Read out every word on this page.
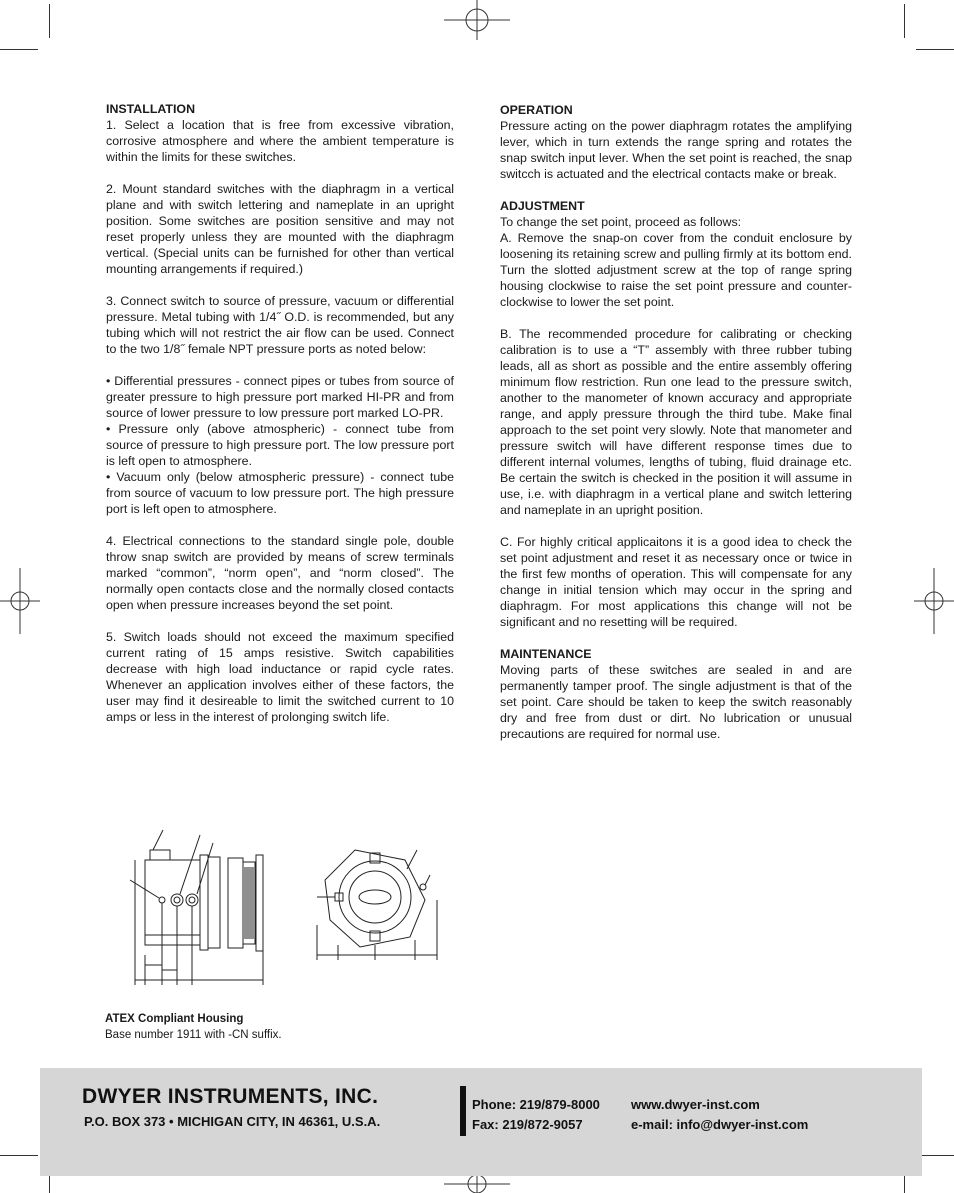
INSTALLATION

1. Select a location that is free from excessive vibration, corrosive atmosphere and where the ambient temperature is within the limits for these switches.

2. Mount standard switches with the diaphragm in a vertical plane and with switch lettering and nameplate in an upright position. Some switches are position sensitive and may not reset properly unless they are mounted with the diaphragm vertical. (Special units can be furnished for other than vertical mounting arrangements if required.)

3. Connect switch to source of pressure, vacuum or differential pressure. Metal tubing with 1/4˝ O.D. is recommended, but any tubing which will not restrict the air flow can be used. Connect to the two 1/8˝ female NPT pressure ports as noted below:

• Differential pressures - connect pipes or tubes from source of greater pressure to high pressure port marked HI-PR and from source of lower pressure to low pressure port marked LO-PR.

• Pressure only (above atmospheric) - connect tube from source of pressure to high pressure port. The low pressure port is left open to atmosphere.

• Vacuum only (below atmospheric pressure) - connect tube from source of vacuum to low pressure port. The high pressure port is left open to atmosphere.

4. Electrical connections to the standard single pole, double throw snap switch are provided by means of screw terminals marked “common”, “norm open”, and “norm closed”. The normally open contacts close and the normally closed contacts open when pressure increases beyond the set point.

5. Switch loads should not exceed the maximum specified current rating of 15 amps resistive. Switch capabilities decrease with high load inductance or rapid cycle rates. Whenever an application involves either of these factors, the user may find it desireable to limit the switched current to 10 amps or less in the interest of prolonging switch life.

OPERATION

Pressure acting on the power diaphragm rotates the amplifying lever, which in turn extends the range spring and rotates the snap switch input lever. When the set point is reached, the snap switcch is actuated and the electrical contacts make or break.

ADJUSTMENT

To change the set point, proceed as follows:

A. Remove the snap-on cover from the conduit enclosure by loosening its retaining screw and pulling firmly at its bottom end. Turn the slotted adjustment screw at the top of range spring housing clockwise to raise the set point pressure and counter-clockwise to lower the set point.

B. The recommended procedure for calibrating or checking calibration is to use a “T” assembly with three rubber tubing leads, all as short as possible and the entire assembly offering minimum flow restriction. Run one lead to the pressure switch, another to the manometer of known accuracy and appropriate range, and apply pressure through the third tube. Make final approach to the set point very slowly. Note that manometer and pressure switch will have different response times due to different internal volumes, lengths of tubing, fluid drainage etc. Be certain the switch is checked in the position it will assume in use, i.e. with diaphragm in a vertical plane and switch lettering and nameplate in an upright position.

C. For highly critical applicaitons it is a good idea to check the set point adjustment and reset it as necessary once or twice in the first few months of operation. This will compensate for any change in initial tension which may occur in the spring and diaphragm. For most applications this change will not be significant and no resetting will be required.

MAINTENANCE

Moving parts of these switches are sealed in and are permanently tamper proof. The single adjustment is that of the set point. Care should be taken to keep the switch reasonably dry and free from dust or dirt. No lubrication or unusual precautions are required for normal use.

ATEX Compliant Housing
Base number 1911 with -CN suffix.
DWYER INSTRUMENTS, INC.
P.O. BOX 373 • MICHIGAN CITY, IN 46361, U.S.A.
Phone: 219/879-8000
Fax: 219/872-9057
www.dwyer-inst.com
e-mail: info@dwyer-inst.com
